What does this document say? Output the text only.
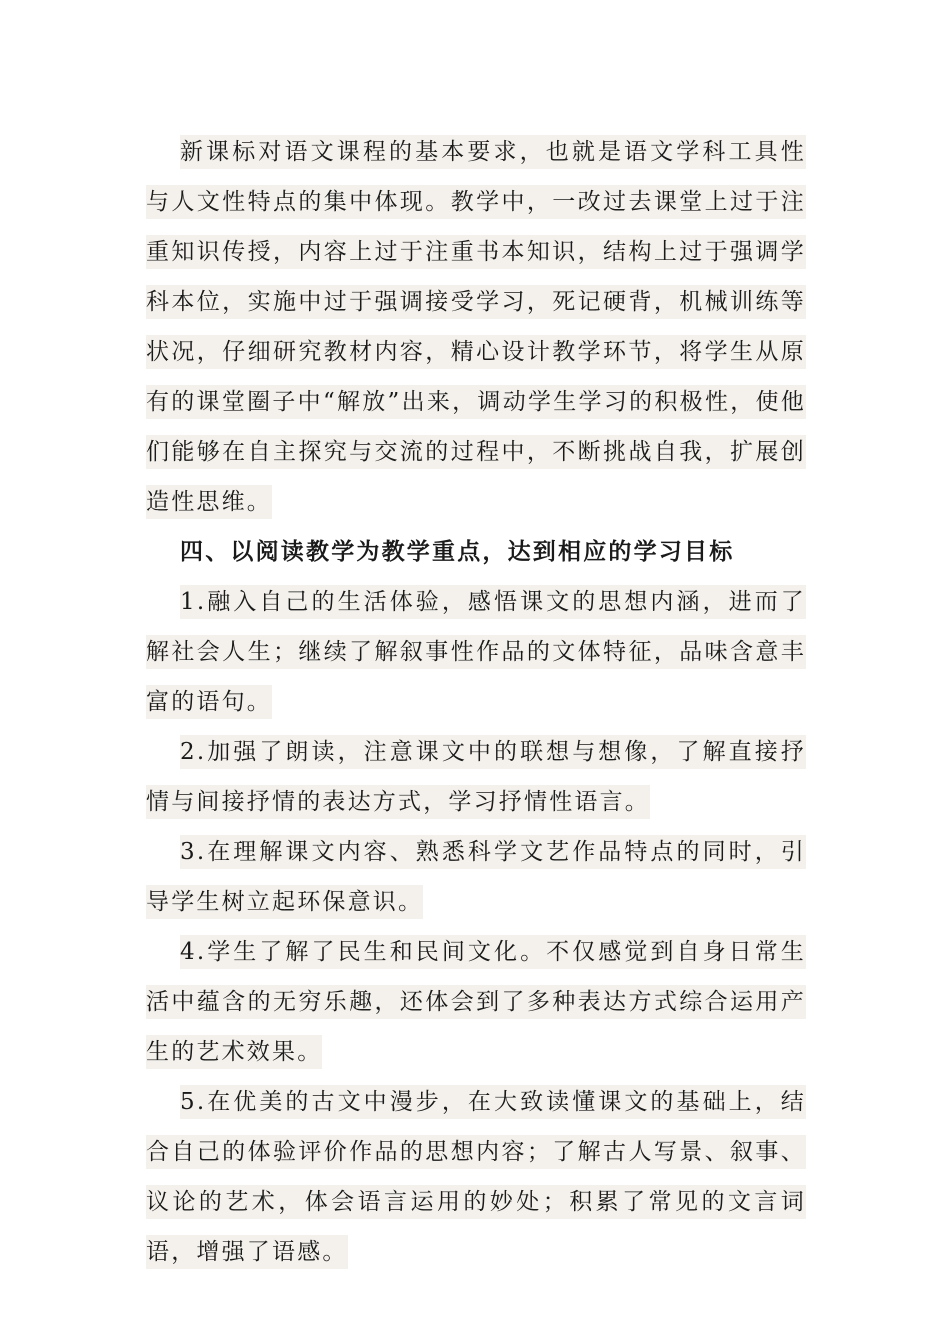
新课标对语文课程的基本要求，也就是语文学科工具性与人文性特点的集中体现。教学中，一改过去课堂上过于注重知识传授，内容上过于注重书本知识，结构上过于强调学科本位，实施中过于强调接受学习，死记硬背，机械训练等状况，仔细研究教材内容，精心设计教学环节，将学生从原有的课堂圈子中“解放”出来，调动学生学习的积极性，使他们能够在自主探究与交流的过程中，不断挑战自我，扩展创造性思维。

四、以阅读教学为教学重点，达到相应的学习目标

1.融入自己的生活体验，感悟课文的思想内涵，进而了解社会人生；继续了解叙事性作品的文体特征，品味含意丰富的语句。

2.加强了朗读，注意课文中的联想与想像，了解直接抒情与间接抒情的表达方式，学习抒情性语言。

3.在理解课文内容、熟悉科学文艺作品特点的同时，引导学生树立起环保意识。

4.学生了解了民生和民间文化。不仅感觉到自身日常生活中蕴含的无穷乐趣，还体会到了多种表达方式综合运用产生的艺术效果。

5.在优美的古文中漫步，在大致读懂课文的基础上，结合自己的体验评价作品的思想内容；了解古人写景、叙事、议论的艺术，体会语言运用的妙处；积累了常见的文言词语，增强了语感。
